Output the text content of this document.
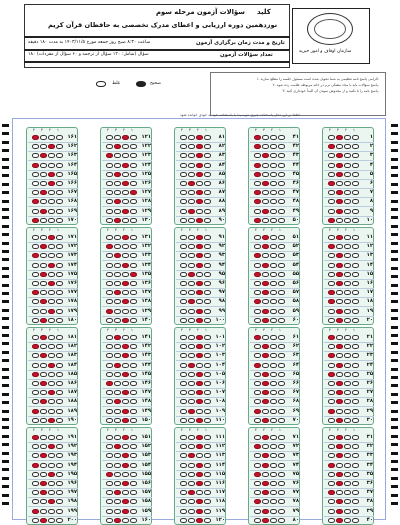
کلید
سؤالات آزمون مرحله سوم
نوزدهمین دوره ارزیابی و اعطای مدرک تخصصی به حافظان قرآن کریم
تاریخ و مدت زمان برگزاری آزمون
ساعت ۸:۳۰ صبح روز جمعه مورخ ۱۴۰۳/۱۱/۵ به مدت ۱۸۰ دقیقه
تعداد سؤالات آزمون
۱۸۰ سؤال (شامل: ۱۲۰ سؤال از ترجمه و ۶۰ سؤال از مفردات)
سازمان اوقاف و امور خیریه
صحیح
غلط
۱. الزامی پاسخ نامه تنظیمی به شما تحویل شده است مسئول جلسه را مطلع سازید.
۲. پاسخ سؤالات باید با مداد مشکی نرم در خانه مربوطه علامت زده شود.
۳. پاسخ نامه را تا نکنید و از مخدوش نمودن آن اکیداً خودداری کنید.
لطفا در این محل پاسخنامه چیزی ننویسید؛ یا پاسخنامه خود به خودی خوانده شود.
۱
۲
۳
۴
۱
۲
۳
۴
۵
۶
۷
۸
۹
۱۰
۱
۲
۳
۴
۴۱
۴۲
۴۳
۴۴
۴۵
۴۶
۴۷
۴۸
۴۹
۵۰
۱
۲
۳
۴
۸۱
۸۲
۸۳
۸۴
۸۵
۸۶
۸۷
۸۸
۸۹
۹۰
۱
۲
۳
۴
۱۲۱
۱۲۲
۱۲۳
۱۲۴
۱۲۵
۱۲۶
۱۲۷
۱۲۸
۱۲۹
۱۳۰
۱
۲
۳
۴
۱۶۱
۱۶۲
۱۶۳
۱۶۴
۱۶۵
۱۶۶
۱۶۷
۱۶۸
۱۶۹
۱۷۰
۱
۲
۳
۴
۱۱
۱۲
۱۳
۱۴
۱۵
۱۶
۱۷
۱۸
۱۹
۲۰
۱
۲
۳
۴
۵۱
۵۲
۵۳
۵۴
۵۵
۵۶
۵۷
۵۸
۵۹
۶۰
۱
۲
۳
۴
۹۱
۹۲
۹۳
۹۴
۹۵
۹۶
۹۷
۹۸
۹۹
۱۰۰
۱
۲
۳
۴
۱۳۱
۱۳۲
۱۳۳
۱۳۴
۱۳۵
۱۳۶
۱۳۷
۱۳۸
۱۳۹
۱۴۰
۱
۲
۳
۴
۱۷۱
۱۷۲
۱۷۳
۱۷۴
۱۷۵
۱۷۶
۱۷۷
۱۷۸
۱۷۹
۱۸۰
۱
۲
۳
۴
۲۱
۲۲
۲۳
۲۴
۲۵
۲۶
۲۷
۲۸
۲۹
۳۰
۱
۲
۳
۴
۶۱
۶۲
۶۳
۶۴
۶۵
۶۶
۶۷
۶۸
۶۹
۷۰
۱
۲
۳
۴
۱۰۱
۱۰۲
۱۰۳
۱۰۴
۱۰۵
۱۰۶
۱۰۷
۱۰۸
۱۰۹
۱۱۰
۱
۲
۳
۴
۱۴۱
۱۴۲
۱۴۳
۱۴۴
۱۴۵
۱۴۶
۱۴۷
۱۴۸
۱۴۹
۱۵۰
۱
۲
۳
۴
۱۸۱
۱۸۲
۱۸۳
۱۸۴
۱۸۵
۱۸۶
۱۸۷
۱۸۸
۱۸۹
۱۹۰
۱
۲
۳
۴
۳۱
۳۲
۳۳
۳۴
۳۵
۳۶
۳۷
۳۸
۳۹
۴۰
۱
۲
۳
۴
۷۱
۷۲
۷۳
۷۴
۷۵
۷۶
۷۷
۷۸
۷۹
۸۰
۱
۲
۳
۴
۱۱۱
۱۱۲
۱۱۳
۱۱۴
۱۱۵
۱۱۶
۱۱۷
۱۱۸
۱۱۹
۱۲۰
۱
۲
۳
۴
۱۵۱
۱۵۲
۱۵۳
۱۵۴
۱۵۵
۱۵۶
۱۵۷
۱۵۸
۱۵۹
۱۶۰
۱
۲
۳
۴
۱۹۱
۱۹۲
۱۹۳
۱۹۴
۱۹۵
۱۹۶
۱۹۷
۱۹۸
۱۹۹
۲۰۰
